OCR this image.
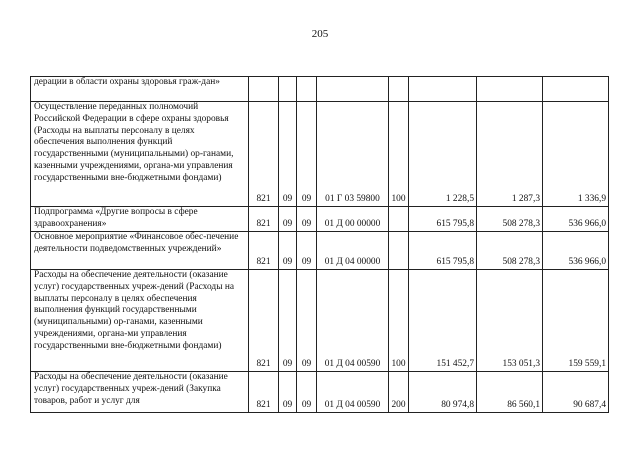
205
дерации в области охраны здоровья граж-дан»								
Осуществление переданных полномочий Российской Федерации в сфере охраны здоровья (Расходы на выплаты персоналу в целях обеспечения выполнения функций государственными (муниципальными) ор-ганами, казенными учреждениями, органа-ми управления государственными вне-бюджетными фондами)	821	09	09	01 Г 03 59800	100	1 228,5	1 287,3	1 336,9
Подпрограмма «Другие вопросы в сфере здравоохранения»	821	09	09	01 Д 00 00000		615 795,8	508 278,3	536 966,0
Основное мероприятие «Финансовое обес-печение деятельности подведомственных учреждений»	821	09	09	01 Д 04 00000		615 795,8	508 278,3	536 966,0
Расходы на обеспечение деятельности (оказание услуг) государственных учреж-дений (Расходы на выплаты персоналу в целях обеспечения выполнения функций государственными (муниципальными) ор-ганами, казенными учреждениями, органа-ми управления государственными вне-бюджетными фондами)	821	09	09	01 Д 04 00590	100	151 452,7	153 051,3	159 559,1
Расходы на обеспечение деятельности (оказание услуг) государственных учреж-дений (Закупка товаров, работ и услуг для	821	09	09	01 Д 04 00590	200	80 974,8	86 560,1	90 687,4
